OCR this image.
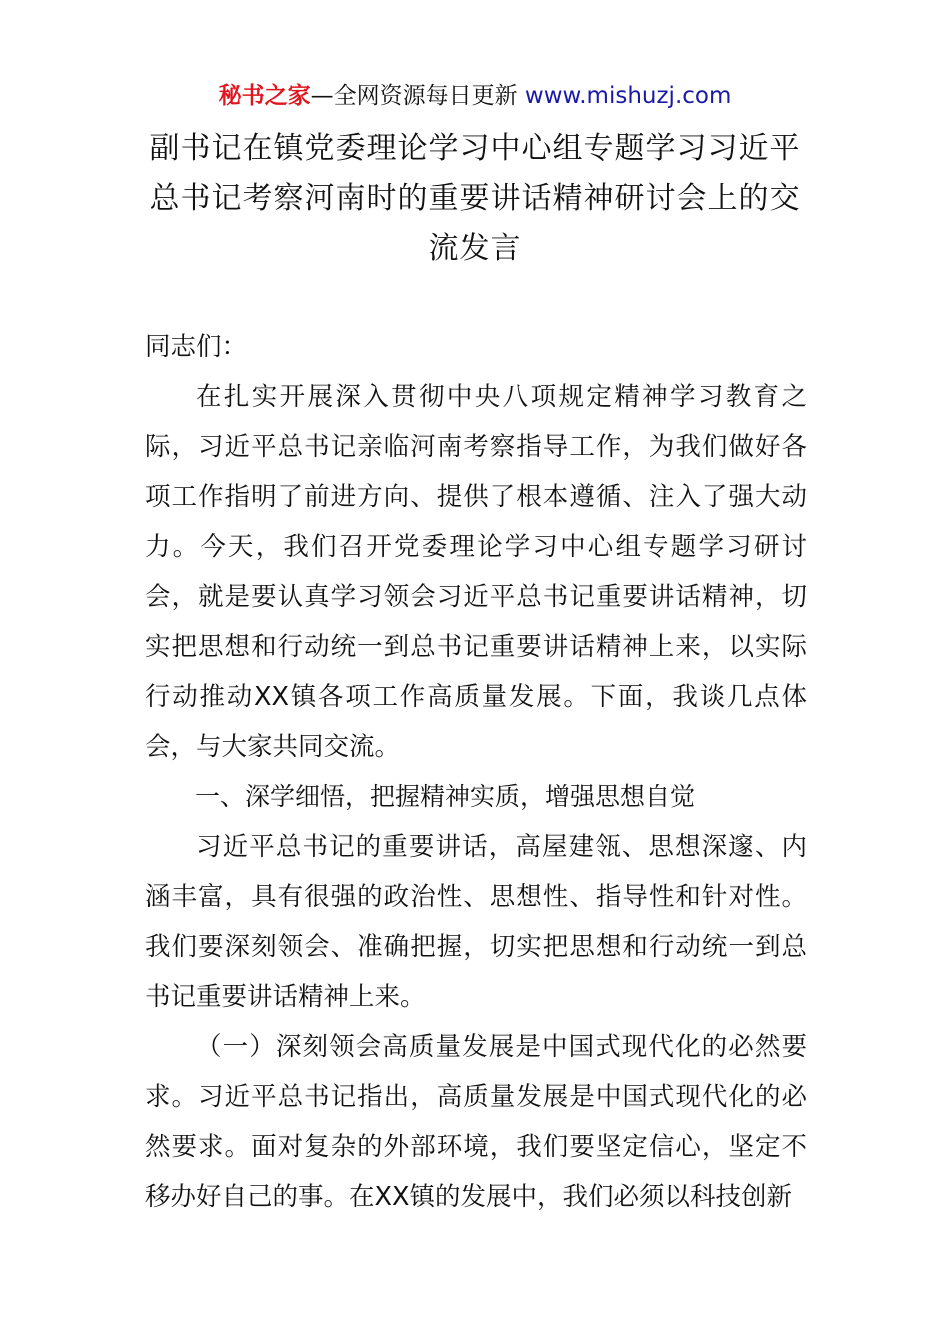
秘书之家—全网资源每日更新 www.mishuzj.com
副书记在镇党委理论学习中心组专题学习习近平总书记考察河南时的重要讲话精神研讨会上的交流发言

同志们：

在扎实开展深入贯彻中央八项规定精神学习教育之际，习近平总书记亲临河南考察指导工作，为我们做好各项工作指明了前进方向、提供了根本遵循、注入了强大动力。今天，我们召开党委理论学习中心组专题学习研讨会，就是要认真学习领会习近平总书记重要讲话精神，切实把思想和行动统一到总书记重要讲话精神上来，以实际行动推动XX镇各项工作高质量发展。下面，我谈几点体会，与大家共同交流。

一、深学细悟，把握精神实质，增强思想自觉

习近平总书记的重要讲话，高屋建瓴、思想深邃、内涵丰富，具有很强的政治性、思想性、指导性和针对性。我们要深刻领会、准确把握，切实把思想和行动统一到总书记重要讲话精神上来。

（一）深刻领会高质量发展是中国式现代化的必然要求。习近平总书记指出，高质量发展是中国式现代化的必然要求。面对复杂的外部环境，我们要坚定信心，坚定不移办好自己的事。在XX镇的发展中，我们必须以科技创新
